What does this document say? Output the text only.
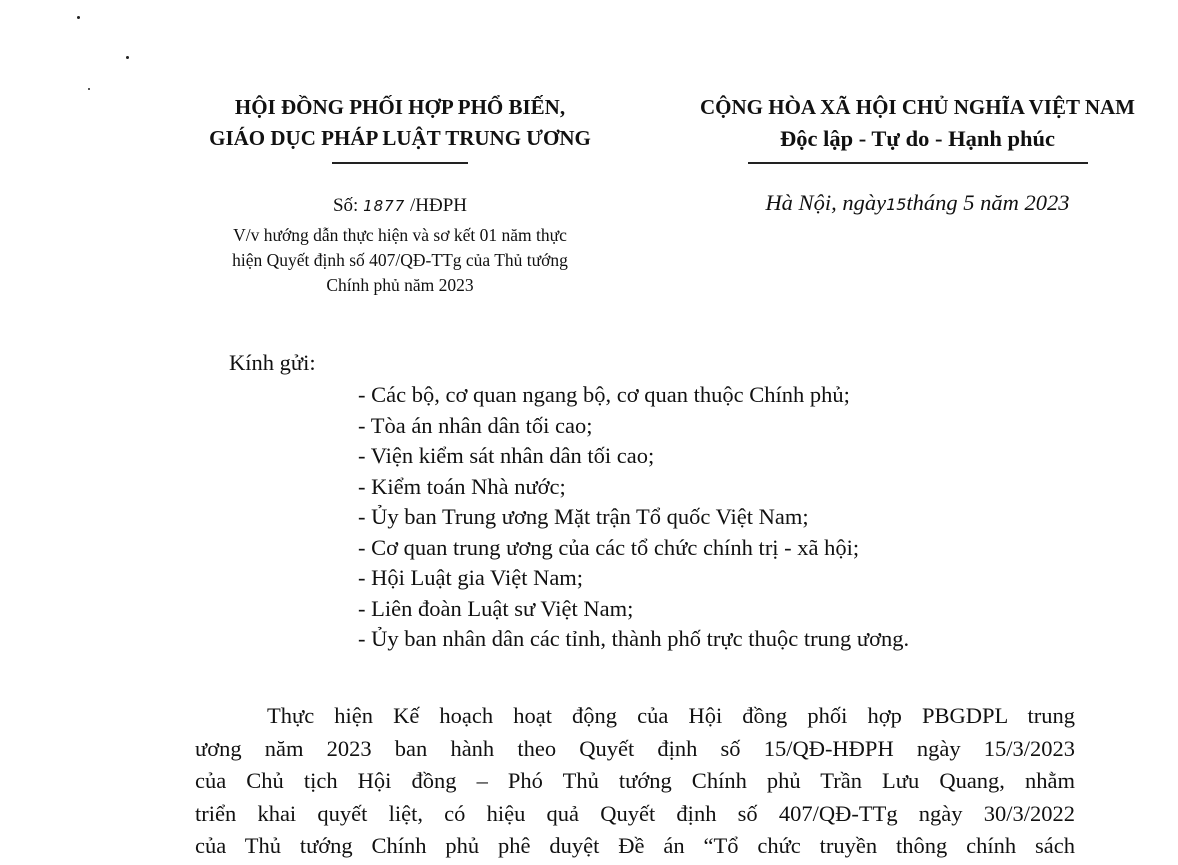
HỘI ĐỒNG PHỐI HỢP PHỔ BIẾN,
GIÁO DỤC PHÁP LUẬT TRUNG ƯƠNG
CỘNG HÒA XÃ HỘI CHỦ NGHĨA VIỆT NAM
Độc lập - Tự do - Hạnh phúc
Số: 1877 /HĐPH
V/v hướng dẫn thực hiện và sơ kết 01 năm thực
hiện Quyết định số 407/QĐ-TTg của Thủ tướng
Chính phủ năm 2023
Hà Nội, ngày15tháng 5 năm 2023
Kính gửi:
- Các bộ, cơ quan ngang bộ, cơ quan thuộc Chính phủ;
- Tòa án nhân dân tối cao;
- Viện kiểm sát nhân dân tối cao;
- Kiểm toán Nhà nước;
- Ủy ban Trung ương Mặt trận Tổ quốc Việt Nam;
- Cơ quan trung ương của các tổ chức chính trị - xã hội;
- Hội Luật gia Việt Nam;
- Liên đoàn Luật sư Việt Nam;
- Ủy ban nhân dân các tỉnh, thành phố trực thuộc trung ương.
Thực hiện Kế hoạch hoạt động của Hội đồng phối hợp PBGDPL trung
ương năm 2023 ban hành theo Quyết định số 15/QĐ-HĐPH ngày 15/3/2023
của Chủ tịch Hội đồng – Phó Thủ tướng Chính phủ Trần Lưu Quang, nhằm
triển khai quyết liệt, có hiệu quả Quyết định số 407/QĐ-TTg ngày 30/3/2022
của Thủ tướng Chính phủ phê duyệt Đề án “Tổ chức truyền thông chính sách
